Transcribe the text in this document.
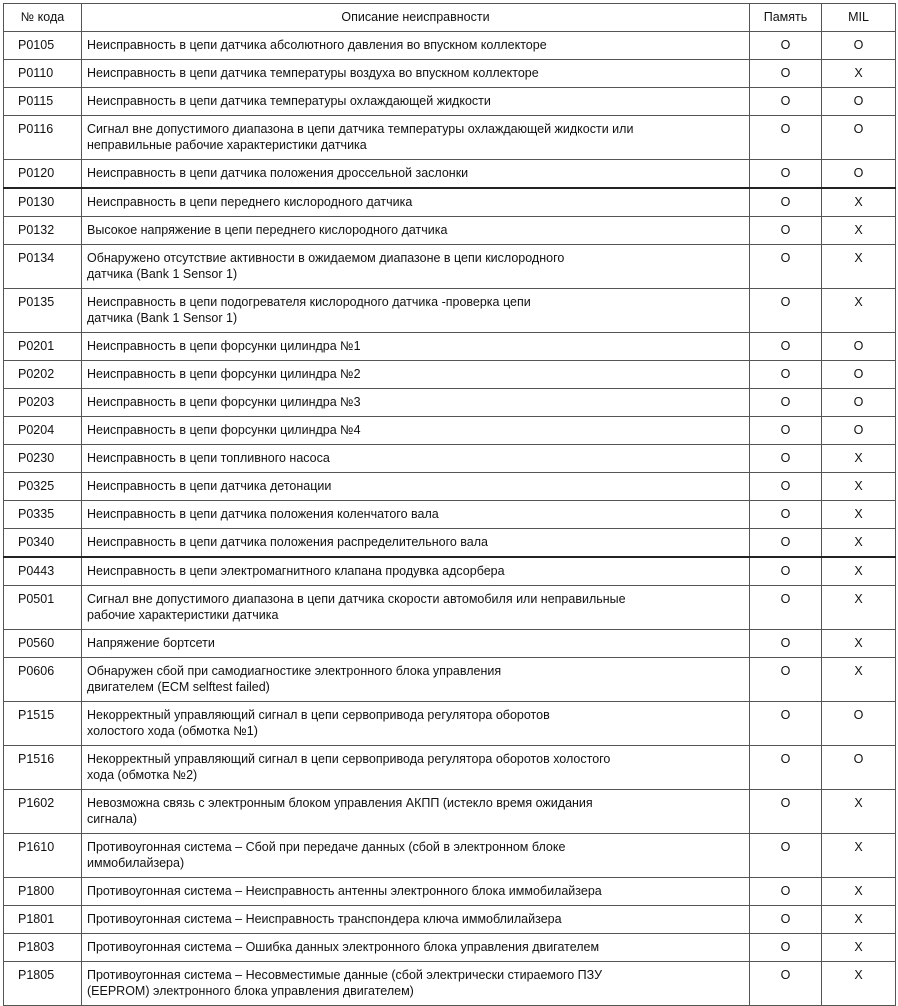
№ кода	Описание неисправности	Память	MIL
P0105	Неисправность в цепи датчика абсолютного давления во впускном коллекторе	O	O
P0110	Неисправность в цепи датчика температуры воздуха во впускном коллекторе	O	X
P0115	Неисправность в цепи датчика температуры охлаждающей жидкости	O	O
P0116	Сигнал вне допустимого диапазона в цепи датчика температуры охлаждающей жидкости или
неправильные рабочие характеристики датчика	O	O
P0120	Неисправность в цепи датчика положения дроссельной заслонки	O	O
P0130	Неисправность в цепи переднего кислородного датчика	O	X
P0132	Высокое напряжение в цепи переднего кислородного датчика	O	X
P0134	Обнаружено отсутствие активности в ожидаемом диапазоне в цепи кислородного
датчика (Bank 1 Sensor 1)	O	X
P0135	Неисправность в цепи подогревателя кислородного датчика -проверка цепи
датчика (Bank 1 Sensor 1)	O	X
P0201	Неисправность в цепи форсунки цилиндра №1	O	O
P0202	Неисправность в цепи форсунки цилиндра №2	O	O
P0203	Неисправность в цепи форсунки цилиндра №3	O	O
P0204	Неисправность в цепи форсунки цилиндра №4	O	O
P0230	Неисправность в цепи топливного насоса	O	X
P0325	Неисправность в цепи датчика детонации	O	X
P0335	Неисправность в цепи датчика положения коленчатого вала	O	X
P0340	Неисправность в цепи датчика положения распределительного вала	O	X
P0443	Неисправность в цепи электромагнитного клапана продувка адсорбера	O	X
P0501	Сигнал вне допустимого диапазона в цепи датчика скорости автомобиля или неправильные
рабочие характеристики датчика	O	X
P0560	Напряжение бортсети	O	X
P0606	Обнаружен сбой при самодиагностике электронного блока управления
двигателем (ECM selftest failed)	O	X
P1515	Некорректный управляющий сигнал в цепи сервопривода регулятора оборотов
холостого хода (обмотка №1)	O	O
P1516	Некорректный управляющий сигнал в цепи сервопривода регулятора оборотов холостого
хода (обмотка №2)	O	O
P1602	Невозможна связь с электронным блоком управления АКПП (истекло время ожидания
сигнала)	O	X
P1610	Противоугонная система – Сбой при передаче данных (сбой в электронном блоке
иммобилайзера)	O	X
P1800	Противоугонная система – Неисправность антенны электронного блока иммобилайзера	O	X
P1801	Противоугонная система – Неисправность транспондера ключа иммоблилайзера	O	X
P1803	Противоугонная система – Ошибка данных электронного блока управления двигателем	O	X
P1805	Противоугонная система – Несовместимые данные (сбой электрически стираемого ПЗУ
(EEPROM) электронного блока управления двигателем)	O	X
